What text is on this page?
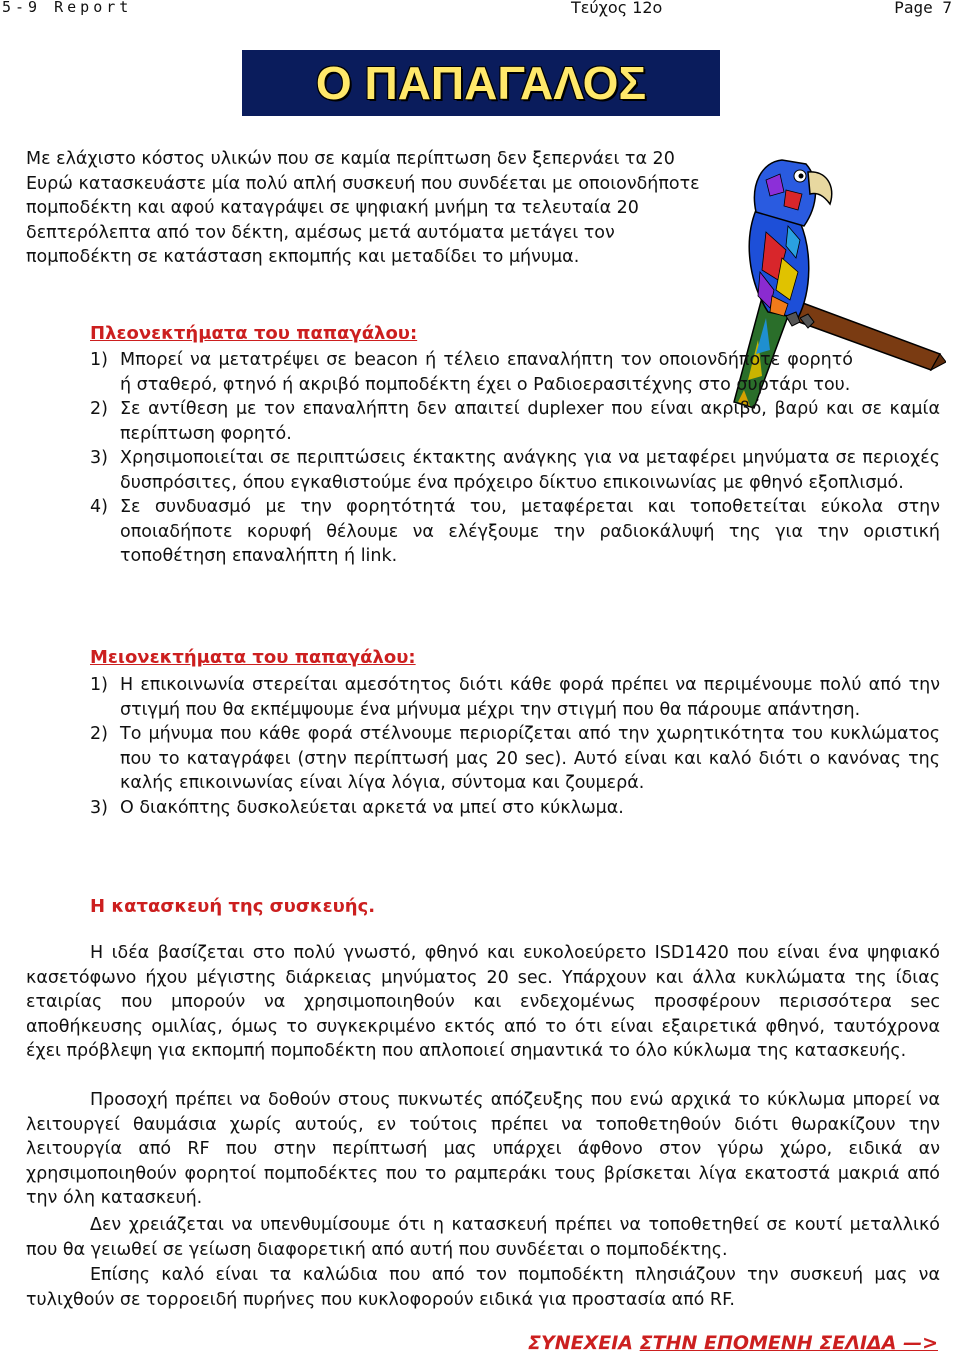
5-9 Report	Τεύχος 12ο	Page 7
Ο ΠΑΠΑΓΑΛΟΣ

Με ελάχιστο κόστος υλικών που σε καμία περίπτωση δεν ξεπερνάει τα 20 Ευρώ κατασκευάστε μία πολύ απλή συσκευή που συνδέεται με οποιονδήποτε πομποδέκτη και αφού καταγράψει σε ψηφιακή μνήμη τα τελευταία 20 δεπτερόλεπτα από τον δέκτη, αμέσως μετά αυτόματα μετάγει τον πομποδέκτη σε κατάσταση εκπομπής και μεταδίδει το μήνυμα.

Πλεονεκτήματα του παπαγάλου:
1) Μπορεί να μετατρέψει σε beacon ή τέλειο επαναλήπτη τον οποιονδήποτε φορητό ή σταθερό, φτηνό ή ακριβό πομποδέκτη έχει ο Ραδιοερασιτέχνης στο συρτάρι του.
2) Σε αντίθεση με τον επαναλήπτη δεν απαιτεί duplexer που είναι ακριβό, βαρύ και σε καμία περίπτωση φορητό.
3) Χρησιμοποιείται σε περιπτώσεις έκτακτης ανάγκης για να μεταφέρει μηνύματα σε περιοχές δυσπρόσιτες, όπου εγκαθιστούμε ένα πρόχειρο δίκτυο επικοινωνίας με φθηνό εξοπλισμό.
4) Σε συνδυασμό με την φορητότητά του, μεταφέρεται και τοποθετείται εύκολα στην οποιαδήποτε κορυφή θέλουμε να ελέγξουμε την ραδιοκάλυψή της για την οριστική τοποθέτηση επαναλήπτη ή link.
Μειονεκτήματα του παπαγάλου:
1) Η επικοινωνία στερείται αμεσότητος διότι κάθε φορά πρέπει να περιμένουμε πολύ από την στιγμή που θα εκπέμψουμε ένα μήνυμα μέχρι την στιγμή που θα πάρουμε απάντηση.
2) Το μήνυμα που κάθε φορά στέλνουμε περιορίζεται από την χωρητικότητα του κυκλώματος που το καταγράφει (στην περίπτωσή μας 20 sec). Αυτό είναι και καλό διότι ο κανόνας της καλής επικοινωνίας είναι λίγα λόγια, σύντομα και ζουμερά.
3) Ο διακόπτης δυσκολεύεται αρκετά να μπεί στο κύκλωμα.
Η κατασκευή της συσκευής.

Η ιδέα βασίζεται στο πολύ γνωστό, φθηνό και ευκολοεύρετο ISD1420 που είναι ένα ψηφιακό κασετόφωνο ήχου μέγιστης διάρκειας μηνύματος 20 sec. Υπάρχουν και άλλα κυκλώματα της ίδιας εταιρίας που μπορούν να χρησιμοποιηθούν και ενδεχομένως προσφέρουν περισσότερα sec αποθήκευσης ομιλίας, όμως το συγκεκριμένο εκτός από το ότι είναι εξαιρετικά φθηνό, ταυτόχρονα έχει πρόβλεψη για εκπομπή πομποδέκτη που απλοποιεί σημαντικά το όλο κύκλωμα της κατασκευής.

Προσοχή πρέπει να δοθούν στους πυκνωτές απόζευξης που ενώ αρχικά το κύκλωμα μπορεί να λειτουργεί θαυμάσια χωρίς αυτούς, εν τούτοις πρέπει να τοποθετηθούν διότι θωρακίζουν την λειτουργία από RF που στην περίπτωσή μας υπάρχει άφθονο στον γύρω χώρο, ειδικά αν χρησιμοποιηθούν φορητοί πομποδέκτες που το ραμπεράκι τους βρίσκεται λίγα εκατοστά μακριά από την όλη κατασκευή.

Δεν χρειάζεται να υπενθυμίσουμε ότι η κατασκευή πρέπει να τοποθετηθεί σε κουτί μεταλλικό που θα γειωθεί σε γείωση διαφορετική από αυτή που συνδέεται ο πομποδέκτης.

Επίσης καλό είναι τα καλώδια που από τον πομποδέκτη πλησιάζουν την συσκευή μας να τυλιχθούν σε τορροειδή πυρήνες που κυκλοφορούν ειδικά για προστασία από RF.

ΣΥΝΕΧΕΙΑ ΣΤΗΝ ΕΠΟΜΕΝΗ ΣΕΛΙΔΑ —>
